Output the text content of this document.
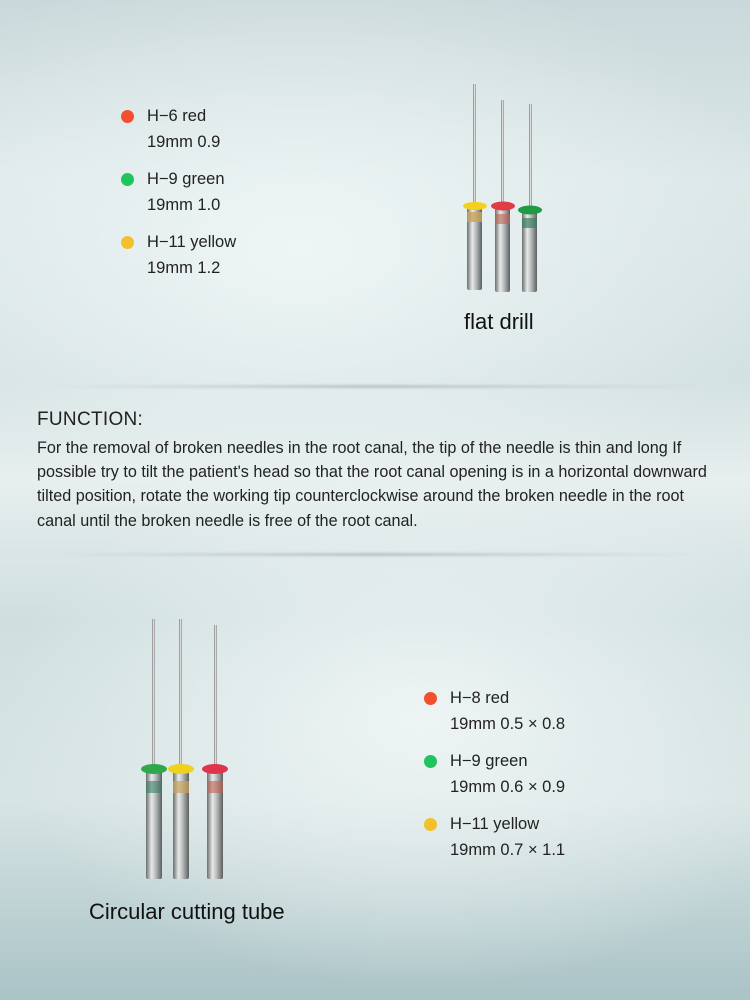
H−6 red
19mm 0.9
H−9 green
19mm 1.0
H−11 yellow
19mm 1.2
flat drill
FUNCTION:
For the removal of broken needles in the root canal, the tip of the needle is thin and long If possible try to tilt the patient's head so that the root canal opening is in a horizontal downward tilted position, rotate the working tip counterclockwise around the broken needle in the root canal until the broken needle is free of the root canal.
Circular cutting tube
H−8 red
19mm 0.5 × 0.8
H−9 green
19mm 0.6 × 0.9
H−11 yellow
19mm 0.7 × 1.1
